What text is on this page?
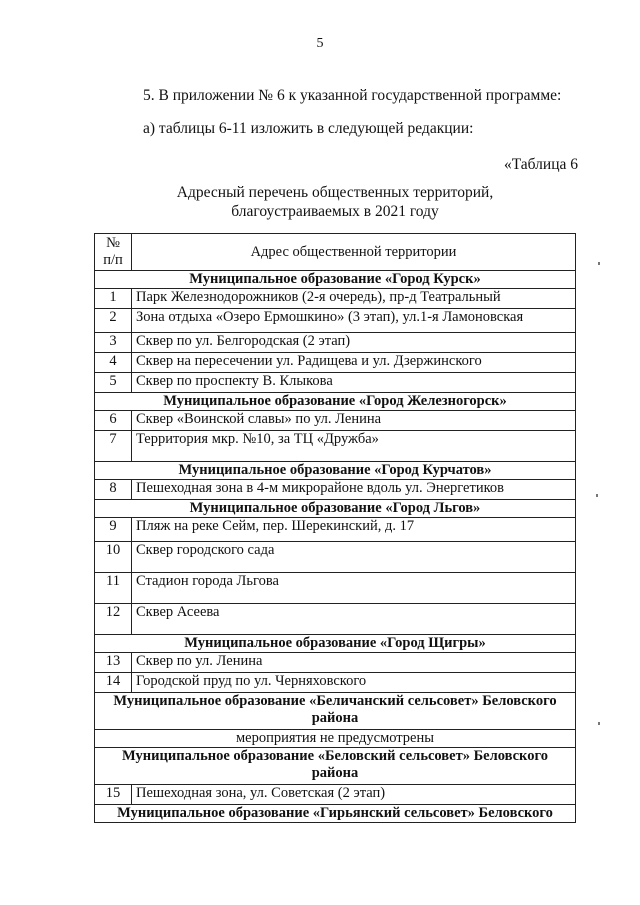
5
5. В приложении № 6 к указанной государственной программе:
а) таблицы 6-11 изложить в следующей редакции:
«Таблица 6
Адресный перечень общественных территорий,
благоустраиваемых в 2021 году
№ п/п	Адрес общественной территории
Муниципальное образование «Город Курск»	
1	Парк Железнодорожников (2-я очередь), пр-д Театральный
2	Зона отдыха «Озеро Ермошкино» (3 этап), ул.1-я Ламоновская
3	Сквер по ул. Белгородская (2 этап)
4	Сквер на пересечении ул. Радищева и ул. Дзержинского
5	Сквер по проспекту В. Клыкова
Муниципальное образование «Город Железногорск»	
6	Сквер «Воинской славы» по ул. Ленина
7	Территория мкр. №10, за ТЦ «Дружба»
Муниципальное образование «Город Курчатов»	
8	Пешеходная зона в 4-м микрорайоне вдоль ул. Энергетиков
Муниципальное образование «Город Льгов»	
9	Пляж на реке Сейм, пер. Шерекинский, д. 17
10	Сквер городского сада
11	Стадион города Льгова
12	Сквер Асеева
Муниципальное образование «Город Щигры»	
13	Сквер по ул. Ленина
14	Городской пруд по ул. Черняховского
Муниципальное образование «Беличанский сельсовет» Беловского района	
мероприятия не предусмотрены	
Муниципальное образование «Беловский сельсовет» Беловского района	
15	Пешеходная зона, ул. Советская (2 этап)
Муниципальное образование «Гирьянский сельсовет» Беловского	
